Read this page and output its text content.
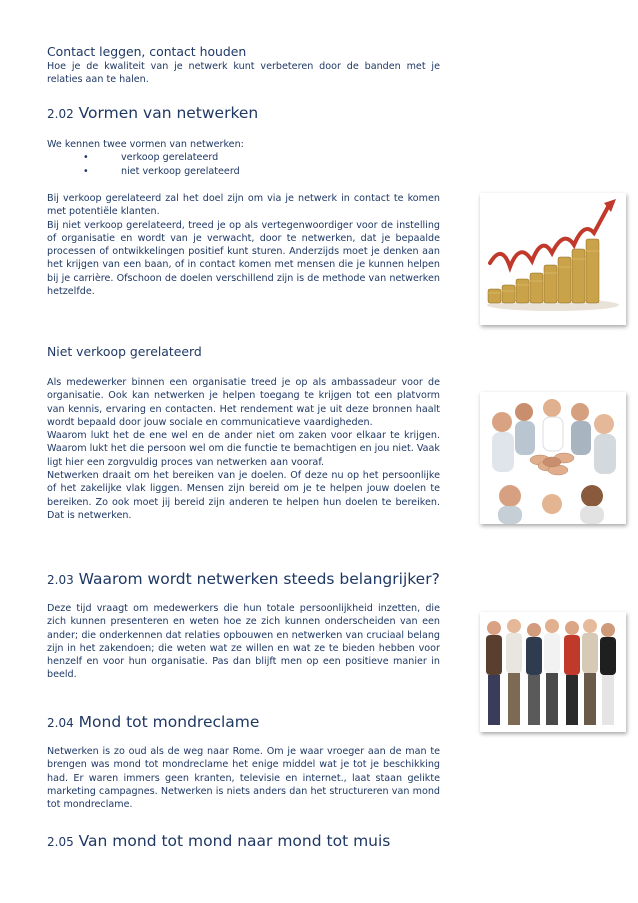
Contact leggen, contact houden
Hoe je de kwaliteit van je netwerk kunt verbeteren door de banden met je relaties aan te halen.
2.02 Vormen van netwerken

We kennen twee vormen van netwerken:

• verkoop gerelateerd
• niet verkoop gerelateerd

Bij verkoop gerelateerd zal het doel zijn om via je netwerk in contact te komen met potentiële klanten.

Bij niet verkoop gerelateerd, treed je op als vertegenwoordiger voor de instelling of organisatie en wordt van je verwacht, door te netwerken, dat je bepaalde processen of ontwikkelingen positief kunt sturen. Anderzijds moet je denken aan het krijgen van een baan, of in contact komen met mensen die je kunnen helpen bij je carrière. Ofschoon de doelen verschillend zijn is de methode van netwerken hetzelfde.

Niet verkoop gerelateerd

Als medewerker binnen een organisatie treed je op als ambassadeur voor de organisatie. Ook kan netwerken je helpen toegang te krijgen tot een platvorm van kennis, ervaring en contacten. Het rendement wat je uit deze bronnen haalt wordt bepaald door jouw sociale en communicatieve vaardigheden.

Waarom lukt het de ene wel en de ander niet om zaken voor elkaar te krijgen. Waarom lukt het die persoon wel om die functie te bemachtigen en jou niet. Vaak ligt hier een zorgvuldig proces van netwerken aan vooraf.

Netwerken draait om het bereiken van je doelen. Of deze nu op het persoonlijke of het zakelijke vlak liggen. Mensen zijn bereid om je te helpen jouw doelen te bereiken. Zo ook moet jij bereid zijn anderen te helpen hun doelen te bereiken. Dat is netwerken.

2.03 Waarom wordt netwerken steeds belangrijker?

Deze tijd vraagt om medewerkers die hun totale persoonlijkheid inzetten, die zich kunnen presenteren en weten hoe ze zich kunnen onderscheiden van een ander; die onderkennen dat relaties opbouwen en netwerken van cruciaal belang zijn in het zakendoen; die weten wat ze willen en wat ze te bieden hebben voor henzelf en voor hun organisatie. Pas dan blijft men op een positieve manier in beeld.

2.04 Mond tot mondreclame

Netwerken is zo oud als de weg naar Rome. Om je waar vroeger aan de man te brengen was mond tot mondreclame het enige middel wat je tot je beschikking had. Er waren immers geen kranten, televisie en internet., laat staan gelikte marketing campagnes. Netwerken is niets anders dan het structureren van mond tot mondreclame.

2.05 Van mond tot mond naar mond tot muis
